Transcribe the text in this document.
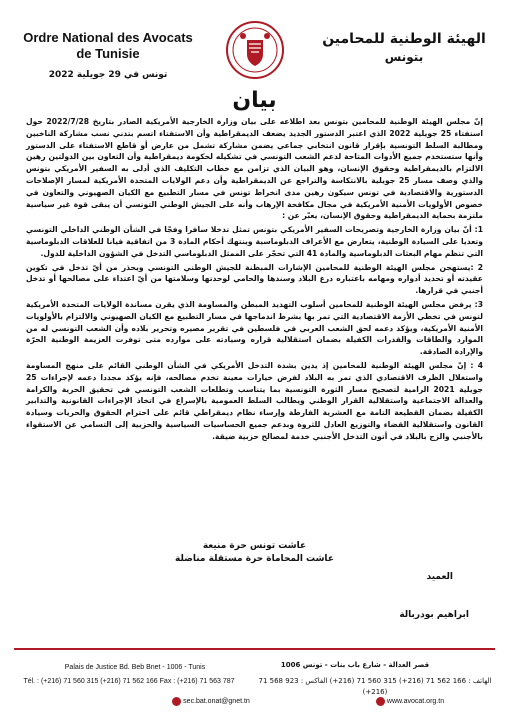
Ordre National des Avocats
de Tunisie
الهيئة الوطنية للمحامين
بتونس
تونس في 29 جويلية 2022
بيان

إنّ مجلس الهيئة الوطنية للمحامين بتونس بعد اطلاعه على بيان وزارة الخارجية الأمريكية الصادر بتاريخ 2022/7/28 حول استفتاء 25 جويلية 2022 الذي اعتبر الدستور الجديد يضعف الديمقراطية وأن الاستفتاء اتسم بتدني نسب مشاركة الناخبين ومطالبة السلط التونسية بإقرار قانون انتخابي جماعي يضمن مشاركة تشمل من عارض أو قاطع الاستفتاء على الدستور وأنها ستستخدم جميع الأدوات المتاحة لدعم الشعب التونسي في تشكيله لحكومة ديمقراطية وأن التعاون بين الدولتين رهين الالتزام بالديمقراطية وحقوق الإنسان، وهو البيان الذي تزامن مع خطاب التكليف الذي أدلى به السفير الأمريكي بتونس والذي وصف مسار 25 جويلية بالانتكاسة والتراجع عن الديمقراطية وأن دعم الولايات المتحدة الأمريكية لمسار الإصلاحات الدستورية والاقتصادية في تونس سيكون رهين مدى انخراط تونس في مسار التطبيع مع الكيان الصهيوني والتعاون في خصوص الأولويات الأمنية الأمريكية في مجال مكافحة الإرهاب وأنه على الجيش الوطني التونسي أن يبقى قوة غير سياسية ملتزمة بحماية الديمقراطية وحقوق الإنسان، يعبّر عن :

1: أنّ بيان وزارة الخارجية وتصريحات السفير الأمريكي بتونس تمثل تدخلا سافرا وفجّا في الشأن الوطني الداخلي التونسي وتعديا على السيادة الوطنية، يتعارض مع الأعراف الدبلوماسية وينتهك أحكام المادة 3 من اتفاقية فيانا للعلاقات الدبلوماسية التي تنظم مهام البعثات الدبلوماسية والمادة 41 التي تحجّر على الممثل الدبلوماسي التدخل في الشؤون الداخلية للدول.

2 :يستهجن مجلس الهيئة الوطنية للمحامين الإشارات المبطنة للجيش الوطني التونسي ويحذر من أيّ تدخل في تكوين عقيدته أو تحديد أدواره ومهامه باعتباره درع البلاد وسندها والحامي لوحدتها وسلامتها من أيّ اعتداء على مصالحها أو تدخل أجنبي في قرارها.

3: يرفض مجلس الهيئة الوطنية للمحامين أسلوب التهديد المبطن والمساومة الذي يقرن مساندة الولايات المتحدة الأمريكية لتونس في تخطي الأزمة الاقتصادية التي تمر بها بشرط اندماجها في مسار التطبيع مع الكيان الصهيوني والالتزام بالأولويات الأمنية الأمريكية، ويؤكد دعمه لحق الشعب العربي في فلسطين في تقرير مصيره وتحرير بلاده وأن الشعب التونسي له من الموارد والطاقات والقدرات الكفيلة بضمان استقلالية قراره وسيادته على موارده متى توفرت العزيمة الوطنية الحرّة والإرادة الصادقة.

4 : إنّ مجلس الهيئة الوطنية للمحامين إذ يدين بشدة التدخل الأمريكي في الشأن الوطني القائم على منهج المساومة واستغلال الظرف الاقتصادي الذي تمر به البلاد لفرض خيارات معينة تخدم مصالحه، فإنه يؤكد مجددا دعمه لإجراءات 25 جويلية 2021 الرامية لتصحيح مسار الثورة التونسية بما يتناسب وتطلعات الشعب التونسي في تحقيق الحرية والكرامة والعدالة الاجتماعية واستقلالية القرار الوطني ويطالب السلط العمومية بالإسراع في اتخاذ الإجراءات القانونية والتدابير الكفيلة بضمان القطيعة التامة مع العشرية الفارطة وإرساء نظام ديمقراطي قائم على احترام الحقوق والحريات وسيادة القانون واستقلالية القضاء والتوزيع العادل للثروة وبدعم جميع الحساسيات السياسية والحزبية إلى التسامي عن الاستقواء بالأجنبي والزج بالبلاد في أتون التدخل الأجنبي خدمة لمصالح حزبية ضيقة.

عاشت تونس حرة منيعة
عاشت المحاماة حرة مستقلة مناضلة
العميد
ابراهيم بودربالة
Palais de Justice Bd. Beb Bnet - 1006 - Tunis
Tél. : (+216) 71 560 315 (+216) 71 562 166 Fax : (+216) 71 563 787
قصر العدالة - شارع باب بنات - تونس 1006
الهاتف : 166 562 71 (216+) 315 560 71 (216+) الفاكس : 923 568 71 (216+)
sec.bat.onat@gnet.tn	www.avocat.org.tn
